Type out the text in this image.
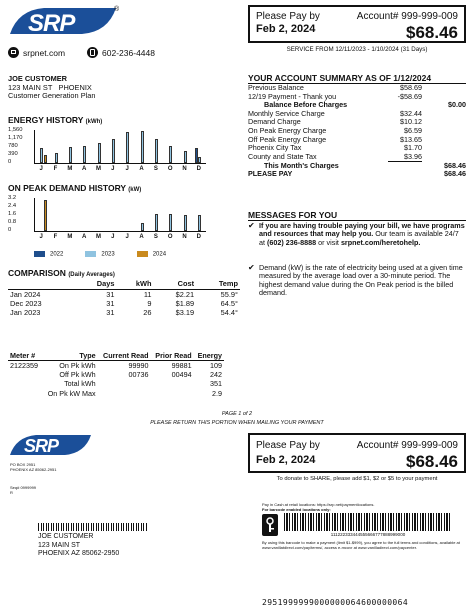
SRP
®
srpnet.com	602-236-4448
Please Pay by
Feb 2, 2024
Account# 999-999-009
$68.46
SERVICE FROM 12/11/2023 - 1/10/2024 (31 Days)
JOE CUSTOMER
123 MAIN ST PHOENIX
Customer Generation Plan
ENERGY HISTORY (kWh)
1,560
1,170
780
390
0
J	F	M	A	M	J	J	A	S	O	N	D
ON PEAK DEMAND HISTORY (kW)
3.2
2.4
1.6
0.8
0
J	F	M	A	M	J	J	A	S	O	N	D
2022	2023	2024
COMPARISON (Daily Averages)
	Days	kWh	Cost	Temp
Jan 2024	31	11	$2.21	55.9°
Dec 2023	31	9	$1.89	64.5°
Jan 2023	31	26	$3.19	54.4°
Meter #	Type	Current Read	Prior Read	Energy
2122359	On Pk kWh	99990	99881	109
	Off Pk kWh	00736	00494	242
	Total kWh			351
	On Pk kW Max			2.9
YOUR ACCOUNT SUMMARY AS OF 1/12/2024
Previous Balance	$58.69	
12/19 Payment - Thank you	-$58.69	
Balance Before Charges		$0.00
Monthly Service Charge	$32.44	
Demand Charge	$10.12	
On Peak Energy Charge	$6.59	
Off Peak Energy Charge	$13.65	
Phoenix City Tax	$1.70	
County and State Tax	$3.96	
This Month's Charges		$68.46
PLEASE PAY		$68.46
MESSAGES FOR YOU
✔ If you are having trouble paying your bill, we have programs and resources that may help you. Our team is available 24/7 at (602) 236-8888 or visit srpnet.com/heretohelp.
✔ Demand (kW) is the rate of electricity being used at a given time measured by the average load over a 30-minute period. The highest demand value during the On Peak period is the billed demand.
PAGE 1 of 2
PLEASE RETURN THIS PORTION WHEN MAILING YOUR PAYMENT
SRP
PO BOX 2951
PHOENIX AZ 85062-2951
Seq# 0999999
R
Please Pay by
Feb 2, 2024
Account# 999-999-009
$68.46
To donate to SHARE, please add $1, $2 or $5 to your payment
Pay in Cash at retail locations: https://srp.net/paymentlocations.
For barcode enabled locations only:
111222333444555666777888999000
By using this barcode to make a payment (limit $1-$999), you agree to the full terms and conditions, available at www.vanillatdirect.com/pay/terms/, access e-mcovr at www.vanilladirect.com/paycenter.
JOE CUSTOMER
123 MAIN ST
PHOENIX AZ 85062-2950
2951999999000000064600000064
